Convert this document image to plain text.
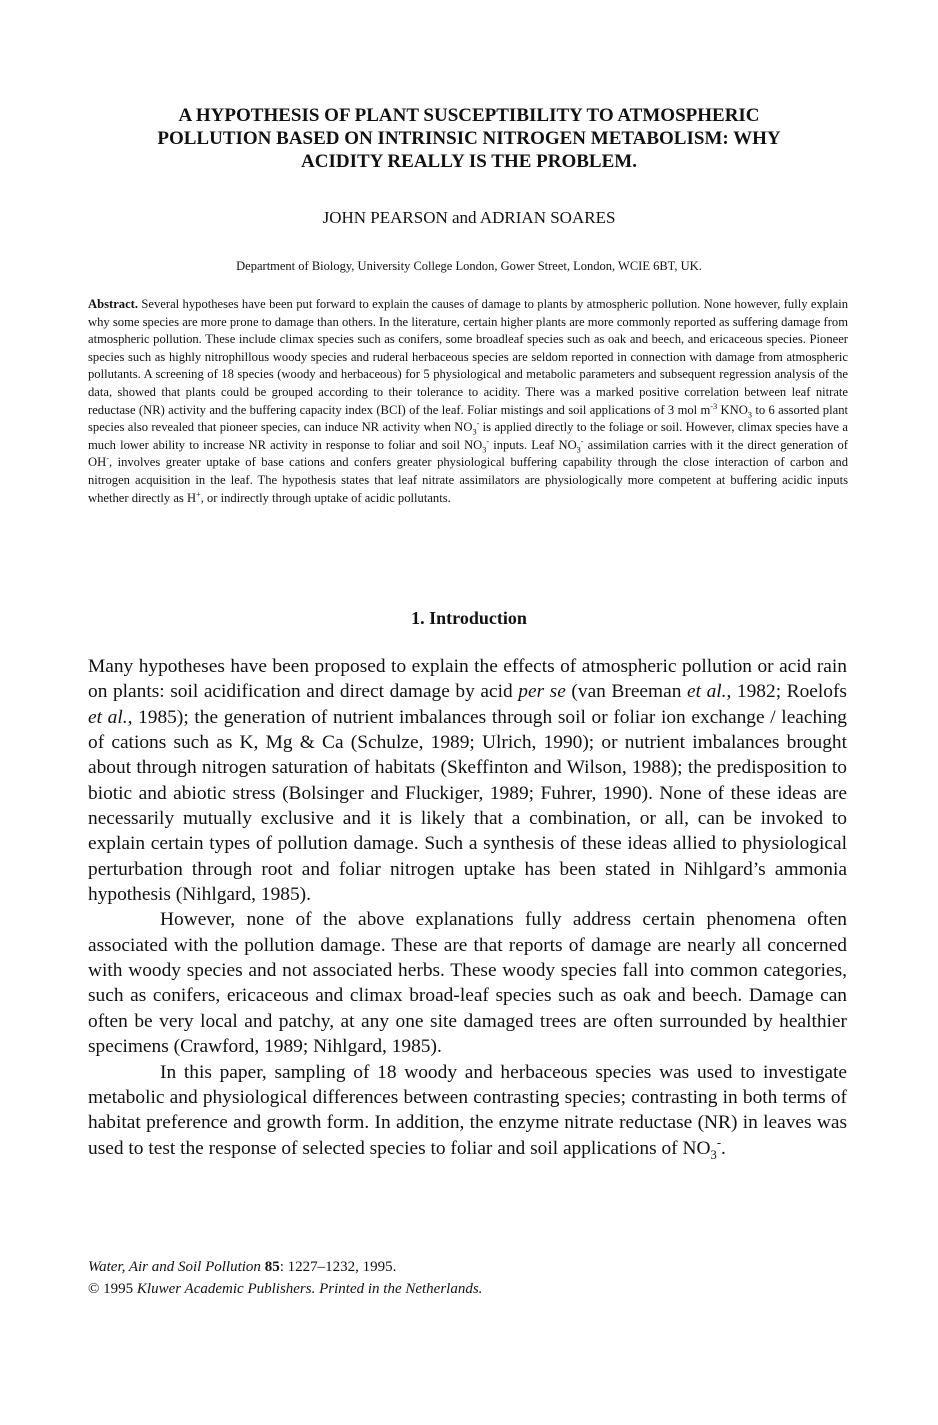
A HYPOTHESIS OF PLANT SUSCEPTIBILITY TO ATMOSPHERIC
POLLUTION BASED ON INTRINSIC NITROGEN METABOLISM: WHY
ACIDITY REALLY IS THE PROBLEM.
JOHN PEARSON and ADRIAN SOARES
Department of Biology, University College London, Gower Street, London, WCIE 6BT, UK.
Abstract. Several hypotheses have been put forward to explain the causes of damage to plants by atmospheric pollution. None however, fully explain why some species are more prone to damage than others. In the literature, certain higher plants are more commonly reported as suffering damage from atmospheric pollution. These include climax species such as conifers, some broadleaf species such as oak and beech, and ericaceous species. Pioneer species such as highly nitrophillous woody species and ruderal herbaceous species are seldom reported in connection with damage from atmospheric pollutants. A screening of 18 species (woody and herbaceous) for 5 physiological and metabolic parameters and subsequent regression analysis of the data, showed that plants could be grouped according to their tolerance to acidity. There was a marked positive correlation between leaf nitrate reductase (NR) activity and the buffering capacity index (BCI) of the leaf. Foliar mistings and soil applications of 3 mol $m^{-3}$ $KNO_3$ to 6 assorted plant species also revealed that pioneer species, can induce NR activity when $NO_3^-$ is applied directly to the foliage or soil. However, climax species have a much lower ability to increase NR activity in response to foliar and soil $NO_3^-$ inputs. Leaf $NO_3^-$ assimilation carries with it the direct generation of OH-, involves greater uptake of base cations and confers greater physiological buffering capability through the close interaction of carbon and nitrogen acquisition in the leaf. The hypothesis states that leaf nitrate assimilators are physiologically more competent at buffering acidic inputs whether directly as H+, or indirectly through uptake of acidic pollutants.
1. Introduction

Many hypotheses have been proposed to explain the effects of atmospheric pollution or acid rain on plants: soil acidification and direct damage by acid per se (van Breeman et al., 1982; Roelofs et al., 1985); the generation of nutrient imbalances through soil or foliar ion exchange / leaching of cations such as K, Mg & Ca (Schulze, 1989; Ulrich, 1990); or nutrient imbalances brought about through nitrogen saturation of habitats (Skeffinton and Wilson, 1988); the predisposition to biotic and abiotic stress (Bolsinger and Fluckiger, 1989; Fuhrer, 1990). None of these ideas are necessarily mutually exclusive and it is likely that a combination, or all, can be invoked to explain certain types of pollution damage. Such a synthesis of these ideas allied to physiological perturbation through root and foliar nitrogen uptake has been stated in Nihlgard’s ammonia hypothesis (Nihlgard, 1985).

However, none of the above explanations fully address certain phenomena often associated with the pollution damage. These are that reports of damage are nearly all concerned with woody species and not associated herbs. These woody species fall into common categories, such as conifers, ericaceous and climax broad-leaf species such as oak and beech. Damage can often be very local and patchy, at any one site damaged trees are often surrounded by healthier specimens (Crawford, 1989; Nihlgard, 1985).

In this paper, sampling of 18 woody and herbaceous species was used to investigate metabolic and physiological differences between contrasting species; contrasting in both terms of habitat preference and growth form. In addition, the enzyme nitrate reductase (NR) in leaves was used to test the response of selected species to foliar and soil applications of $NO_3^-$.

Water, Air and Soil Pollution 85: 1227–1232, 1995.
© 1995 Kluwer Academic Publishers. Printed in the Netherlands.
